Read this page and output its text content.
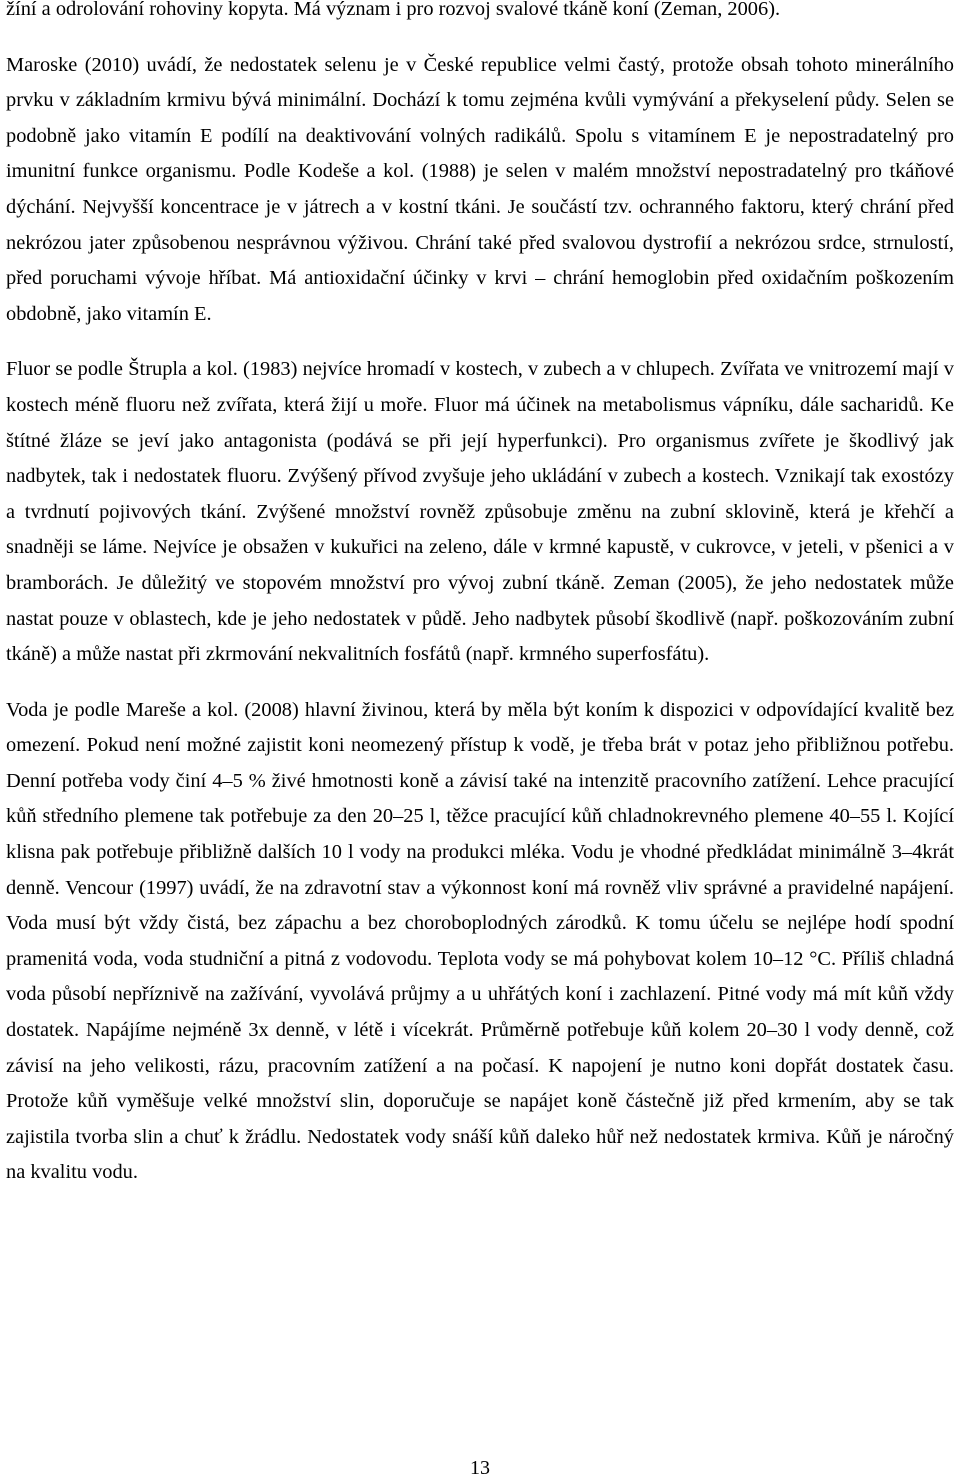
žíní a odrolování rohoviny kopyta. Má význam i pro rozvoj svalové tkáně koní (Zeman, 2006).

Maroske (2010) uvádí, že nedostatek selenu je v České republice velmi častý, protože obsah tohoto minerálního prvku v základním krmivu bývá minimální. Dochází k tomu zejména kvůli vymývání a překyselení půdy. Selen se podobně jako vitamín E podílí na deaktivování volných radikálů. Spolu s vitamínem E je nepostradatelný pro imunitní funkce organismu. Podle Kodeše a kol. (1988) je selen v malém množství nepostradatelný pro tkáňové dýchání. Nejvyšší koncentrace je v játrech a v kostní tkáni. Je součástí tzv. ochranného faktoru, který chrání před nekrózou jater způsobenou nesprávnou výživou. Chrání také před svalovou dystrofií a nekrózou srdce, strnulostí, před poruchami vývoje hříbat. Má antioxidační účinky v krvi – chrání hemoglobin před oxidačním poškozením obdobně, jako vitamín E.

Fluor se podle Štrupla a kol. (1983) nejvíce hromadí v kostech, v zubech a v chlupech. Zvířata ve vnitrozemí mají v kostech méně fluoru než zvířata, která žijí u moře. Fluor má účinek na metabolismus vápníku, dále sacharidů. Ke štítné žláze se jeví jako antagonista (podává se při její hyperfunkci). Pro organismus zvířete je škodlivý jak nadbytek, tak i nedostatek fluoru. Zvýšený přívod zvyšuje jeho ukládání v zubech a kostech. Vznikají tak exostózy a tvrdnutí pojivových tkání. Zvýšené množství rovněž způsobuje změnu na zubní sklovině, která je křehčí a snadněji se láme. Nejvíce je obsažen v kukuřici na zeleno, dále v krmné kapustě, v cukrovce, v jeteli, v pšenici a v bramborách. Je důležitý ve stopovém množství pro vývoj zubní tkáně. Zeman (2005), že jeho nedostatek může nastat pouze v oblastech, kde je jeho nedostatek v půdě. Jeho nadbytek působí škodlivě (např. poškozováním zubní tkáně) a může nastat při zkrmování nekvalitních fosfátů (např. krmného superfosfátu).

Voda je podle Mareše a kol. (2008) hlavní živinou, která by měla být koním k dispozici v odpovídající kvalitě bez omezení. Pokud není možné zajistit koni neomezený přístup k vodě, je třeba brát v potaz jeho přibližnou potřebu. Denní potřeba vody činí 4–5 % živé hmotnosti koně a závisí také na intenzitě pracovního zatížení. Lehce pracující kůň středního plemene tak potřebuje za den 20–25 l, těžce pracující kůň chladnokrevného plemene 40–55 l. Kojící klisna pak potřebuje přibližně dalších 10 l vody na produkci mléka. Vodu je vhodné předkládat minimálně 3–4krát denně. Vencour (1997) uvádí, že na zdravotní stav a výkonnost koní má rovněž vliv správné a pravidelné napájení. Voda musí být vždy čistá, bez zápachu a bez choroboplodných zárodků. K tomu účelu se nejlépe hodí spodní pramenitá voda, voda studniční a pitná z vodovodu. Teplota vody se má pohybovat kolem 10–12 °C. Příliš chladná voda působí nepříznivě na zažívání, vyvolává průjmy a u uhřátých koní i zachlazení. Pitné vody má mít kůň vždy dostatek. Napájíme nejméně 3x denně, v létě i vícekrát. Průměrně potřebuje kůň kolem 20–30 l vody denně, což závisí na jeho velikosti, rázu, pracovním zatížení a na počasí. K napojení je nutno koni dopřát dostatek času. Protože kůň vyměšuje velké množství slin, doporučuje se napájet koně částečně již před krmením, aby se tak zajistila tvorba slin a chuť k žrádlu. Nedostatek vody snáší kůň daleko hůř než nedostatek krmiva. Kůň je náročný na kvalitu vodu.

13
